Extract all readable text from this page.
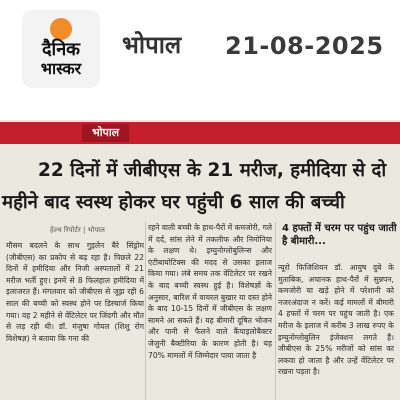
दैनिक
भास्कर
भोपाल 21-08-2025
भोपाल
22 दिनों में जीबीएस के 21 मरीज, हमीदिया से दो
महीने बाद स्वस्थ होकर घर पहुंची 6 साल की बच्ची
हेल्थ रिपोर्टर | भोपाल
मौसम बदलने के साथ गुइलेन बैरे सिंड्रोम (जीबीएस) का प्रकोप से बढ़ रहा है। पिछले 22 दिनों में हमीदिया और निजी अस्पतालों में 21 मरीज भर्ती हुए। इनमें से 8 फिलहाल हमीदिया में इलाजरत हैं। मंगलवार को जीबीएस से जूझ रही 6 साल की बच्ची को स्वस्थ होने पर डिस्चार्ज किया गया। वह 2 महीने से वेंटिलेटर पर जिंदगी और मौत से लड़ रही थी। डॉ. मंजुषा गोयल (शिशु रोग विशेषज्ञ) ने बताया कि गना की
रहने वाली बच्ची के हाथ-पैरों में कमजोरी, गले में दर्द, सांस लेने में तकलीफ और निमोनिया के लक्षण थे। इम्युनोग्लोबुलिन्स और एंटीबायोटिक्स की मदद से उसका इलाज किया गया। लंबे समय तक वेंटिलेटर पर रखने के बाद बच्ची स्वस्थ हुई है। विशेषज्ञों के अनुसार, बारिश में वायरल बुखार या दस्त होने के बाद 10-15 दिनों में जीबीएस के लक्षण सामने आ सकते हैं। यह बीमारी दूषित भोजन और पानी से फैलने वाले कैंपाइलोबैक्टर जेजुनी बैक्टीरिया के कारण होती है। यह 70% मामलों में जिम्मेदार पाया जाता है
4 हफ्तों में चरम पर पहुंच जाती है बीमारी...
न्यूरो फिजिशियन डॉ. आयुष दुबे के मुताबिक, अचानक हाथ-पैरों में सुन्नपन, कमजोरी या खड़े होने में परेशानी को नजरअंदाज न करें। कई मामलों में बीमारी 4 हफ्तों में चरम पर पहुंच जाती है। एक मरीज के इलाज में करीब 3 लाख रुपए के इम्युनोग्लोबुलिन इंजेक्शन लगते हैं। जीबीएस के 25% मरीजों को सांस का लकवा हो जाता है और उन्हें वेंटिलेटर पर रखना पड़ता है।
